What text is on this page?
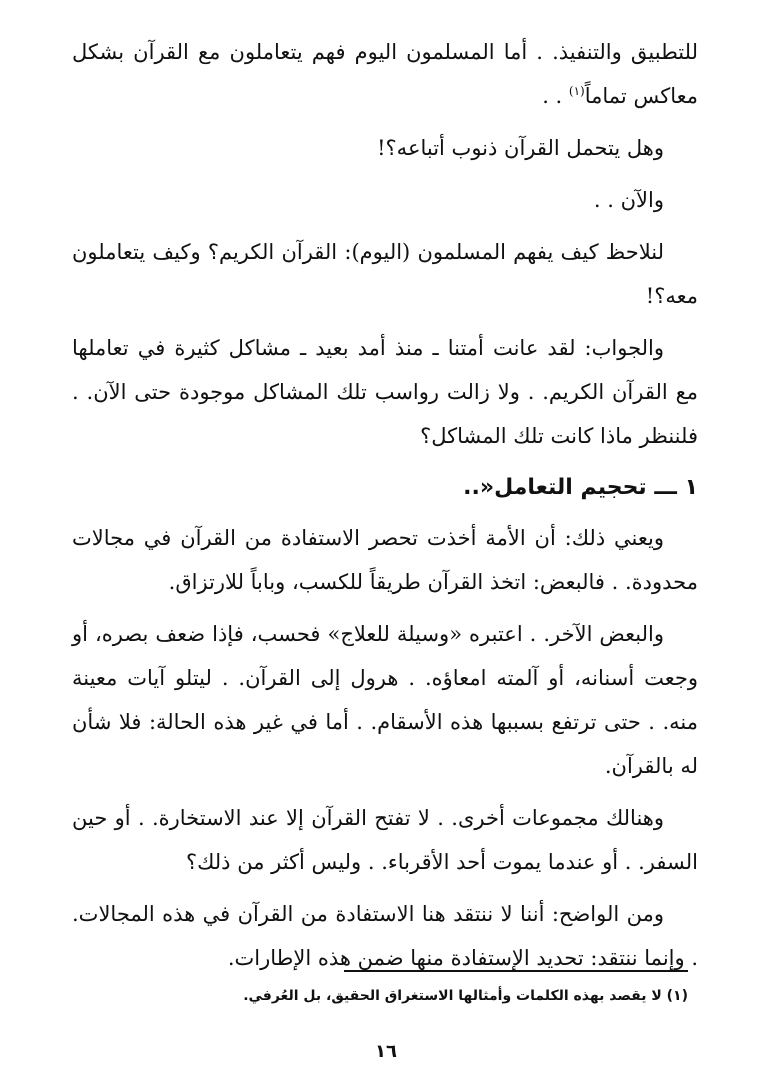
للتطبيق والتنفيذ. . أما المسلمون اليوم فهم يتعاملون مع القرآن بشكل معاكس تماماً$^{(١)}$ . .

وهل يتحمل القرآن ذنوب أتباعه؟!

والآن . .

لنلاحظ كيف يفهم المسلمون (اليوم): القرآن الكريم؟ وكيف يتعاملون معه؟!

والجواب: لقد عانت أمتنا ـ منذ أمد بعيد ـ مشاكل كثيرة في تعاملها مع القرآن الكريم. . ولا زالت رواسب تلك المشاكل موجودة حتى الآن. . فلننظر ماذا كانت تلك المشاكل؟

١ ـــ تحجيم التعامل«..

ويعني ذلك: أن الأمة أخذت تحصر الاستفادة من القرآن في مجالات محدودة. . فالبعض: اتخذ القرآن طريقاً للكسب، وباباً للارتزاق.

والبعض الآخر. . اعتبره «وسيلة للعلاج» فحسب، فإذا ضعف بصره، أو وجعت أسنانه، أو آلمته امعاؤه. . هرول إلى القرآن. . ليتلو آيات معينة منه. . حتى ترتفع بسببها هذه الأسقام. . أما في غير هذه الحالة: فلا شأن له بالقرآن.

وهنالك مجموعات أخرى. . لا تفتح القرآن إلا عند الاستخارة. . أو حين السفر. . أو عندما يموت أحد الأقرباء. . وليس أكثر من ذلك؟

ومن الواضح: أننا لا ننتقد هنا الاستفادة من القرآن في هذه المجالات. . وإنما ننتقد: تحديد الإستفادة منها ضمن هذه الإطارات.

(١) لا يقصد بهذه الكلمات وأمثالها الاستغراق الحقيق، بل العُرفي.
١٦
